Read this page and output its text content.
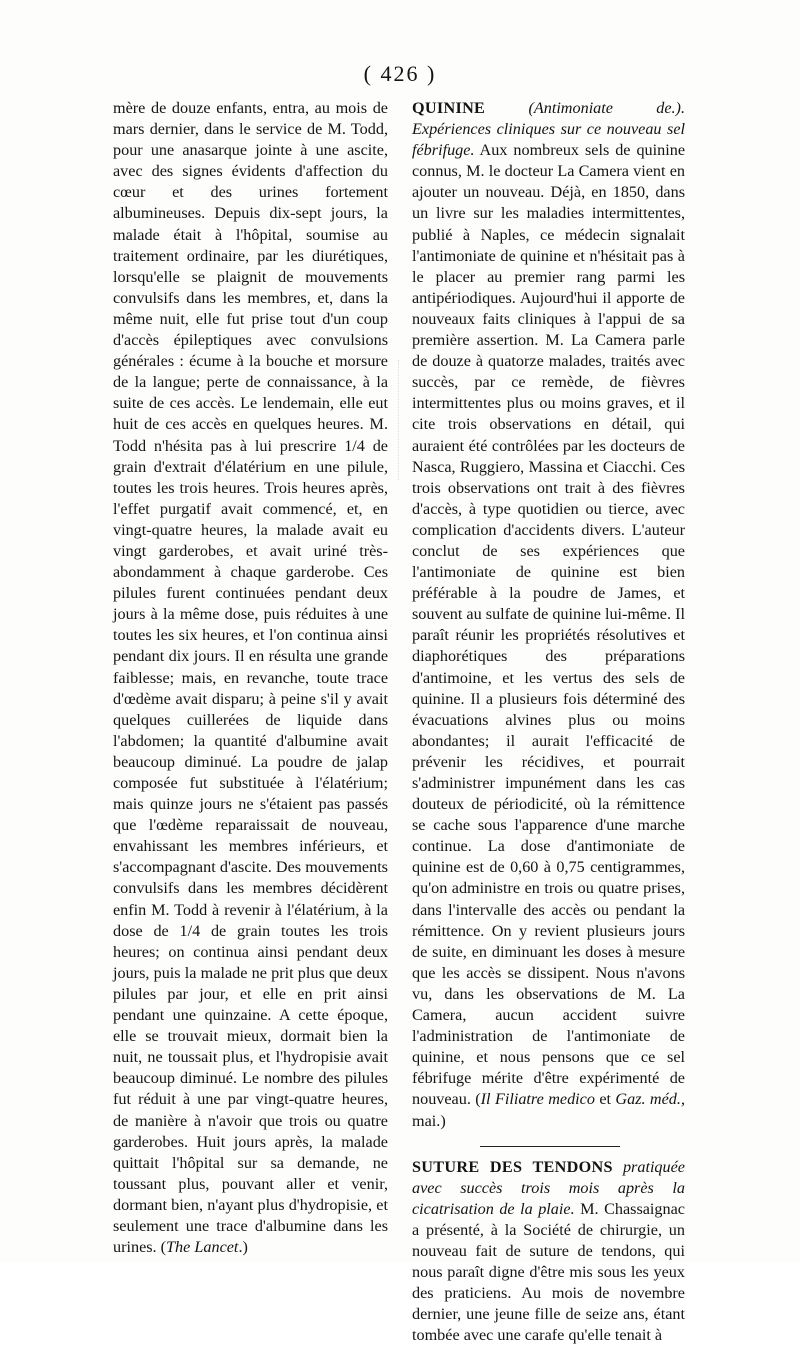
( 426 )

mère de douze enfants, entra, au mois de mars dernier, dans le service de M. Todd, pour une anasarque jointe à une ascite, avec des signes évidents d'affection du cœur et des urines fortement albumineuses. Depuis dix-sept jours, la malade était à l'hôpital, soumise au traitement ordinaire, par les diurétiques, lorsqu'elle se plaignit de mouvements convulsifs dans les membres, et, dans la même nuit, elle fut prise tout d'un coup d'accès épileptiques avec convulsions générales : écume à la bouche et morsure de la langue; perte de connaissance, à la suite de ces accès. Le lendemain, elle eut huit de ces accès en quelques heures. M. Todd n'hésita pas à lui prescrire 1/4 de grain d'extrait d'élatérium en une pilule, toutes les trois heures. Trois heures après, l'effet purgatif avait commencé, et, en vingt-quatre heures, la malade avait eu vingt garderobes, et avait uriné très-abondamment à chaque garderobe. Ces pilules furent continuées pendant deux jours à la même dose, puis réduites à une toutes les six heures, et l'on continua ainsi pendant dix jours. Il en résulta une grande faiblesse; mais, en revanche, toute trace d'œdème avait disparu; à peine s'il y avait quelques cuillerées de liquide dans l'abdomen; la quantité d'albumine avait beaucoup diminué. La poudre de jalap composée fut substituée à l'élatérium; mais quinze jours ne s'étaient pas passés que l'œdème reparaissait de nouveau, envahissant les membres inférieurs, et s'accompagnant d'ascite. Des mouvements convulsifs dans les membres décidèrent enfin M. Todd à revenir à l'élatérium, à la dose de 1/4 de grain toutes les trois heures; on continua ainsi pendant deux jours, puis la malade ne prit plus que deux pilules par jour, et elle en prit ainsi pendant une quinzaine. A cette époque, elle se trouvait mieux, dormait bien la nuit, ne toussait plus, et l'hydropisie avait beaucoup diminué. Le nombre des pilules fut réduit à une par vingt-quatre heures, de manière à n'avoir que trois ou quatre garderobes. Huit jours après, la malade quittait l'hôpital sur sa demande, ne toussant plus, pouvant aller et venir, dormant bien, n'ayant plus d'hydropisie, et seulement une trace d'albumine dans les urines. (The Lancet.)

QUININE (Antimoniate de.). Expériences cliniques sur ce nouveau sel fébrifuge. Aux nombreux sels de quinine connus, M. le docteur La Camera vient en ajouter un nouveau. Déjà, en 1850, dans un livre sur les maladies intermittentes, publié à Naples, ce médecin signalait l'antimoniate de quinine et n'hésitait pas à le placer au premier rang parmi les antipériodiques. Aujourd'hui il apporte de nouveaux faits cliniques à l'appui de sa première assertion. M. La Camera parle de douze à quatorze malades, traités avec succès, par ce remède, de fièvres intermittentes plus ou moins graves, et il cite trois observations en détail, qui auraient été contrôlées par les docteurs de Nasca, Ruggiero, Massina et Ciacchi. Ces trois observations ont trait à des fièvres d'accès, à type quotidien ou tierce, avec complication d'accidents divers. L'auteur conclut de ses expériences que l'antimoniate de quinine est bien préférable à la poudre de James, et souvent au sulfate de quinine lui-même. Il paraît réunir les propriétés résolutives et diaphorétiques des préparations d'antimoine, et les vertus des sels de quinine. Il a plusieurs fois déterminé des évacuations alvines plus ou moins abondantes; il aurait l'efficacité de prévenir les récidives, et pourrait s'administrer impunément dans les cas douteux de périodicité, où la rémittence se cache sous l'apparence d'une marche continue. La dose d'antimoniate de quinine est de 0,60 à 0,75 centigrammes, qu'on administre en trois ou quatre prises, dans l'intervalle des accès ou pendant la rémittence. On y revient plusieurs jours de suite, en diminuant les doses à mesure que les accès se dissipent. Nous n'avons vu, dans les observations de M. La Camera, aucun accident suivre l'administration de l'antimoniate de quinine, et nous pensons que ce sel fébrifuge mérite d'être expérimenté de nouveau. (Il Filiatre medico et Gaz. méd., mai.)

SUTURE DES TENDONS pratiquée avec succès trois mois après la cicatrisation de la plaie. M. Chassaignac a présenté, à la Société de chirurgie, un nouveau fait de suture de tendons, qui nous paraît digne d'être mis sous les yeux des praticiens. Au mois de novembre dernier, une jeune fille de seize ans, étant tombée avec une carafe qu'elle tenait à
